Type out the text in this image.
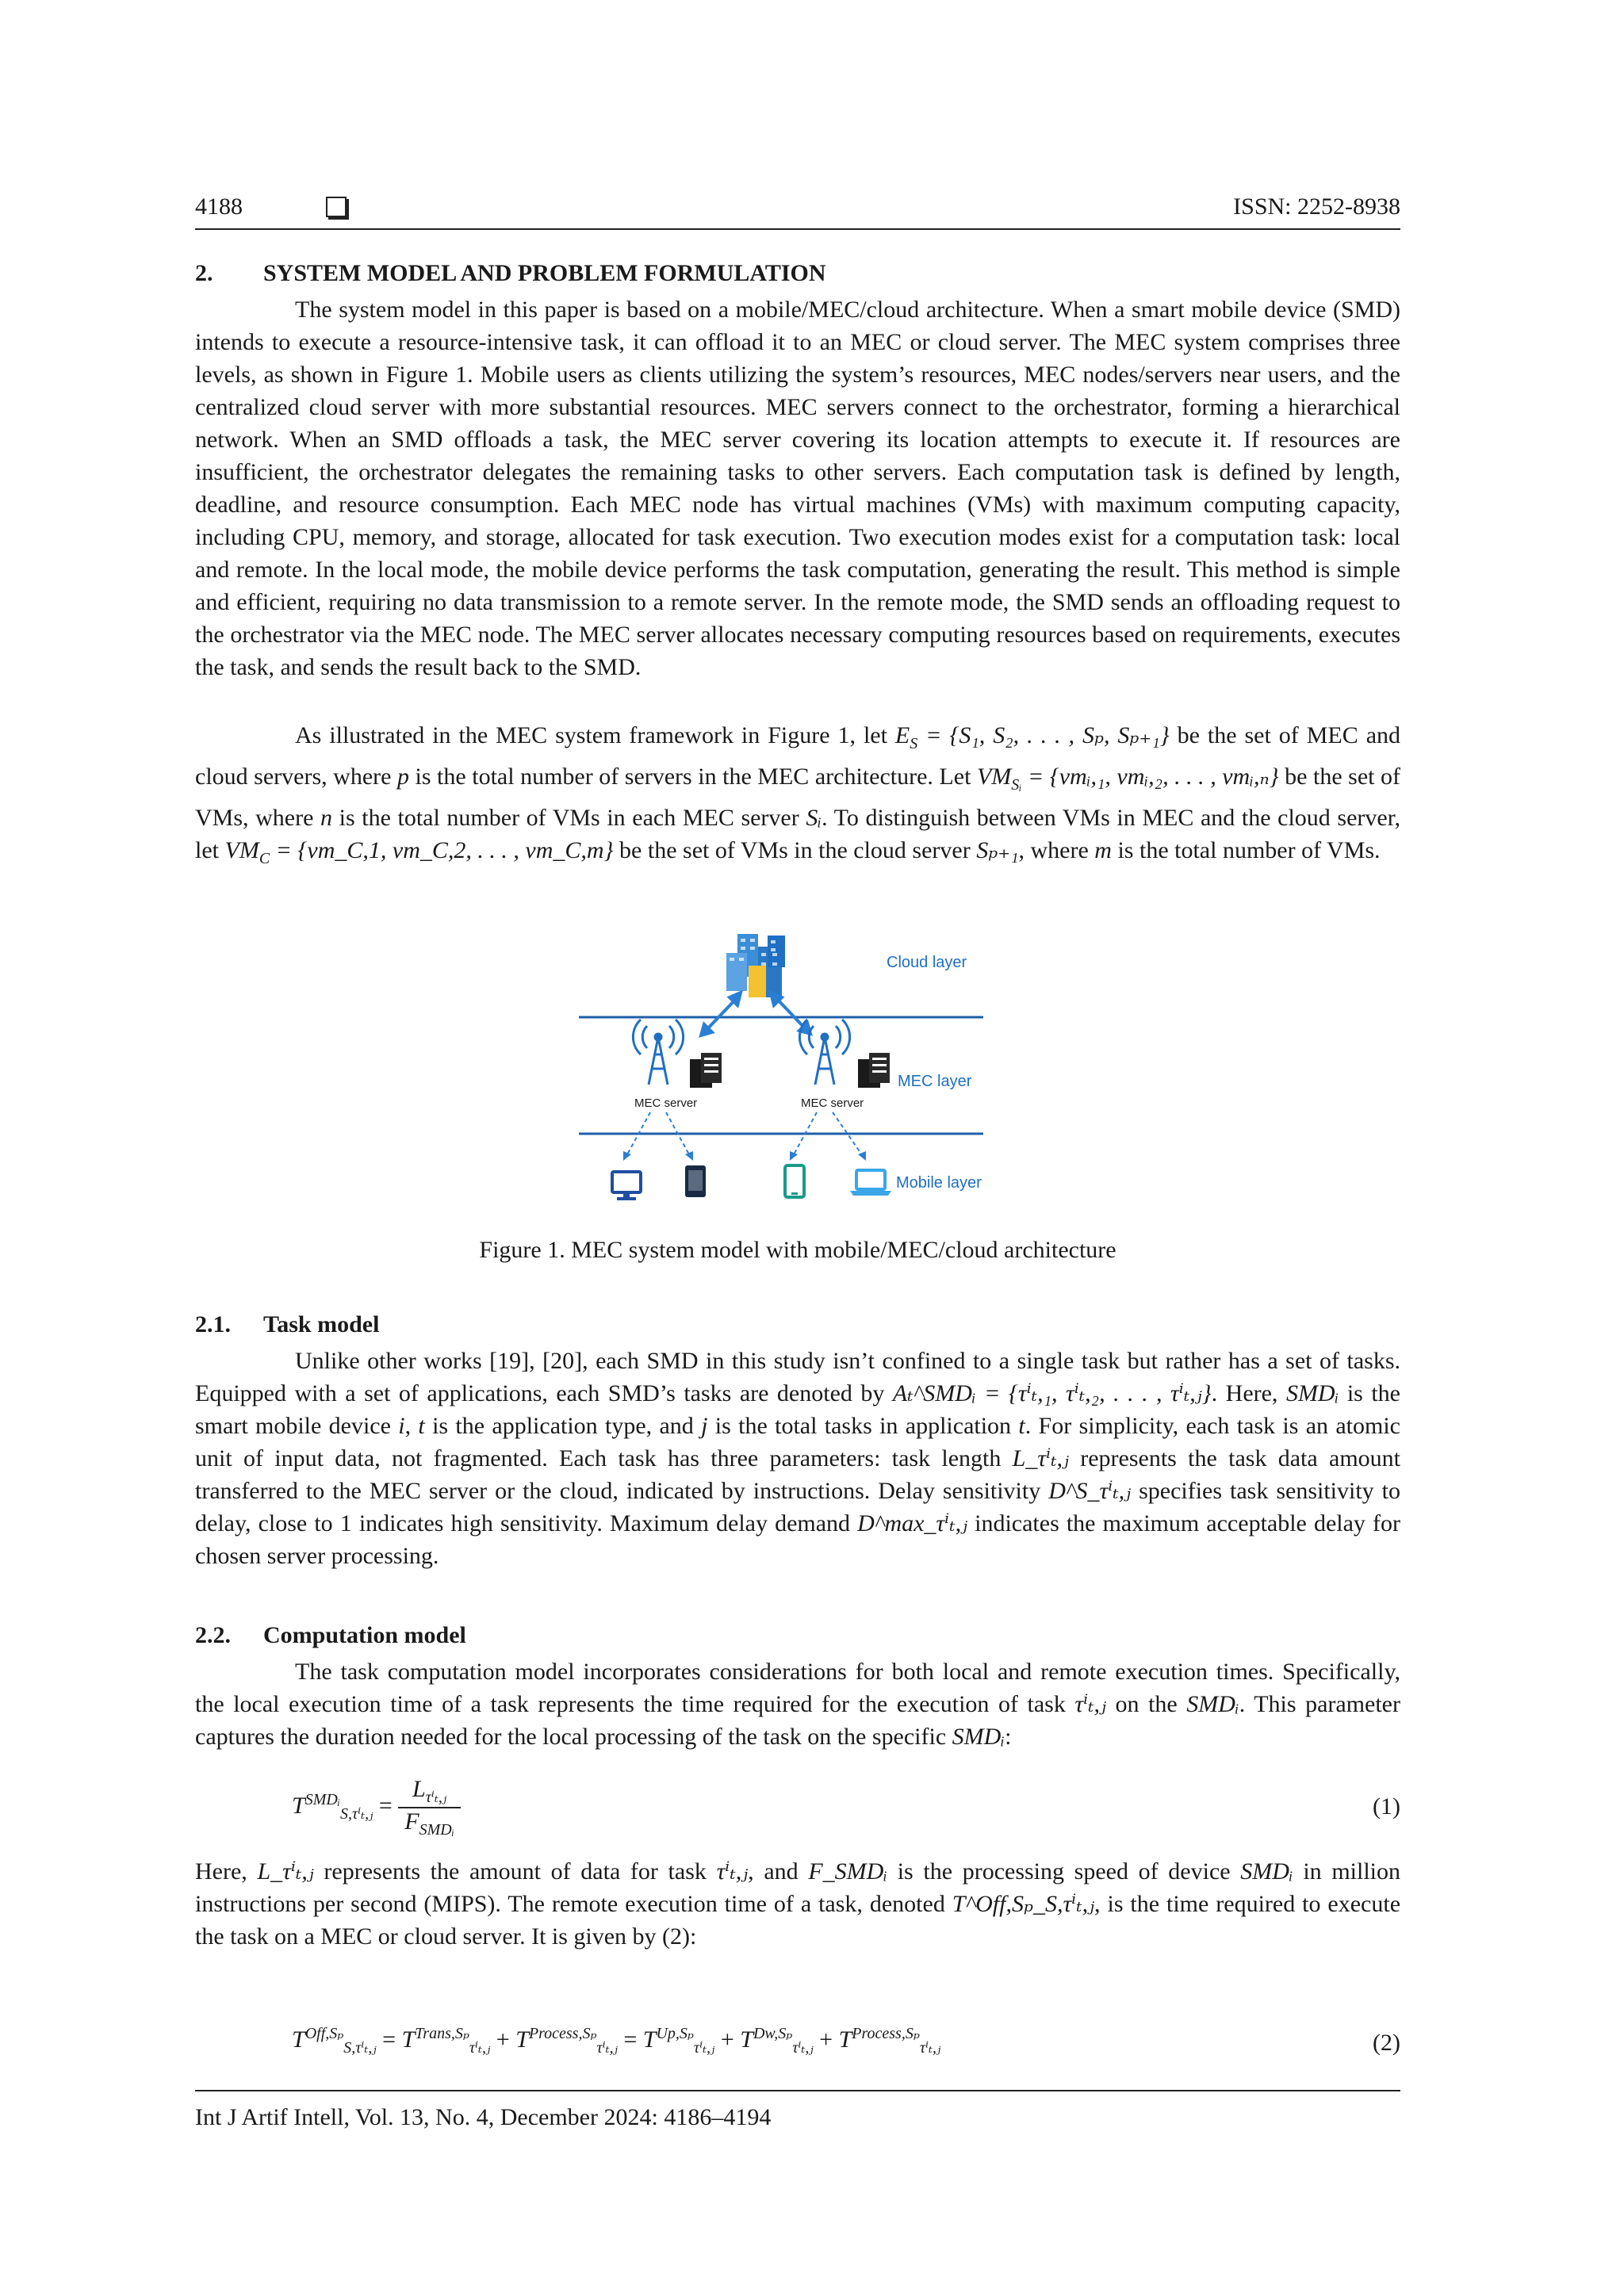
4188	ISSN: 2252-8938
2. SYSTEM MODEL AND PROBLEM FORMULATION
The system model in this paper is based on a mobile/MEC/cloud architecture. When a smart mobile device (SMD) intends to execute a resource-intensive task, it can offload it to an MEC or cloud server. The MEC system comprises three levels, as shown in Figure 1. Mobile users as clients utilizing the system’s resources, MEC nodes/servers near users, and the centralized cloud server with more substantial resources. MEC servers connect to the orchestrator, forming a hierarchical network. When an SMD offloads a task, the MEC server covering its location attempts to execute it. If resources are insufficient, the orchestrator delegates the remaining tasks to other servers. Each computation task is defined by length, deadline, and resource consumption. Each MEC node has virtual machines (VMs) with maximum computing capacity, including CPU, memory, and storage, allocated for task execution. Two execution modes exist for a computation task: local and remote. In the local mode, the mobile device performs the task computation, generating the result. This method is simple and efficient, requiring no data transmission to a remote server. In the remote mode, the SMD sends an offloading request to the orchestrator via the MEC node. The MEC server allocates necessary computing resources based on requirements, executes the task, and sends the result back to the SMD.
As illustrated in the MEC system framework in Figure 1, let $E_S = \{S_1$, S₂, . . . , Sₚ, Sₚ₊₁} be the set of MEC and cloud servers, where p is the total number of servers in the MEC architecture. Let $VM_{Sᵢ}$ = {vmᵢ,₁, vmᵢ,₂, . . . , vmᵢ,ₙ} be the set of VMs, where n is the total number of VMs in each MEC server Sᵢ. To distinguish between VMs in MEC and the cloud server, let $VM_C$ = {vm_C,1, vm_C,2, . . . , vm_C,m} be the set of VMs in the cloud server Sₚ₊₁, where m is the total number of VMs.
Cloud layer
MEC server	MEC server
MEC layer
Mobile layer
Figure 1. MEC system model with mobile/MEC/cloud architecture
2.1. Task model
Unlike other works [19], [20], each SMD in this study isn’t confined to a single task but rather has a set of tasks. Equipped with a set of applications, each SMD’s tasks are denoted by Aₜ^SMDᵢ = {τⁱₜ,₁, τⁱₜ,₂, . . . , τⁱₜ,ⱼ}. Here, SMDᵢ is the smart mobile device i, t is the application type, and j is the total tasks in application t. For simplicity, each task is an atomic unit of input data, not fragmented. Each task has three parameters: task length L_τⁱₜ,ⱼ represents the task data amount transferred to the MEC server or the cloud, indicated by instructions. Delay sensitivity D^S_τⁱₜ,ⱼ specifies task sensitivity to delay, close to 1 indicates high sensitivity. Maximum delay demand D^max_τⁱₜ,ⱼ indicates the maximum acceptable delay for chosen server processing.
2.2. Computation model
The task computation model incorporates considerations for both local and remote execution times. Specifically, the local execution time of a task represents the time required for the execution of task τⁱₜ,ⱼ on the SMDᵢ. This parameter captures the duration needed for the local processing of the task on the specific SMDᵢ:
$T^{SMDᵢ}_{S,\tau^i_t,ⱼ} = \frac{L_{\tau^i_t,ⱼ}}{F_{SMDᵢ}}$	(1)
Here, L_τⁱₜ,ⱼ represents the amount of data for task τⁱₜ,ⱼ, and F_SMDᵢ is the processing speed of device SMDᵢ in million instructions per second (MIPS). The remote execution time of a task, denoted T^Off,Sₚ_S,τⁱₜ,ⱼ, is the time required to execute the task on a MEC or cloud server. It is given by (2):
$T^{Off,S_p}_{S,\tau^i_t,ⱼ} = T^{Trans,S_p}_{\tau^i_t,ⱼ} + T^{Process,S_p}_{\tau^i_t,ⱼ} = T^{Up,S_p}_{\tau^i_t,ⱼ} + T^{Dw,S_p}_{\tau^i_t,ⱼ} + T^{Process,S_p}_{\tau^i_t,ⱼ}$	(2)
Int J Artif Intell, Vol. 13, No. 4, December 2024: 4186–4194
